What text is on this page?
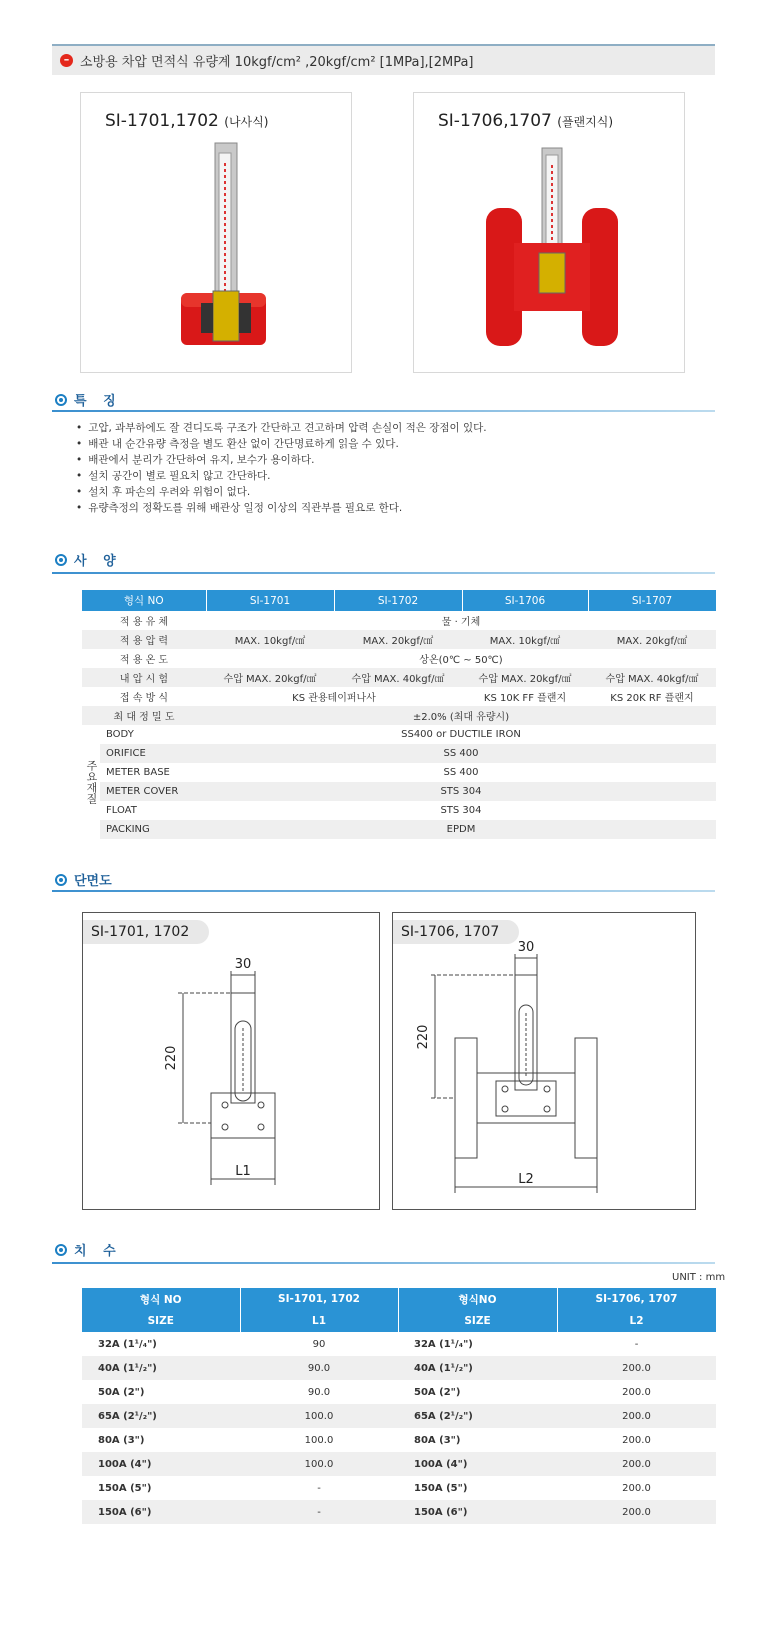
– 소방용 차압 면적식 유량계 10kgf/cm² ,20kgf/cm² [1MPa],[2MPa]
SI-1701,1702 (나사식)	SI-1706,1707 (플랜지식)
특 징
• 고압, 과부하에도 잘 견디도록 구조가 간단하고 견고하며 압력 손실이 적은 장점이 있다.
• 배관 내 순간유량 측정을 별도 환산 없이 간단명료하게 읽을 수 있다.
• 배관에서 분리가 간단하여 유지, 보수가 용이하다.
• 설치 공간이 별로 필요치 않고 간단하다.
• 설치 후 파손의 우려와 위험이 없다.
• 유량측정의 정확도를 위해 배관상 일정 이상의 직관부를 필요로 한다.
사 양
형식 NO		SI-1701	SI-1702	SI-1706	SI-1707
적 용 유 체		물 · 기체			
적 용 압 력		MAX. 10kgf/㎠	MAX. 20kgf/㎠	MAX. 10kgf/㎠	MAX. 20kgf/㎠
적 용 온 도		상온(0℃ ~ 50℃)			
내 압 시 험		수압 MAX. 20kgf/㎠	수압 MAX. 40kgf/㎠	수압 MAX. 20kgf/㎠	수압 MAX. 40kgf/㎠
접 속 방 식		KS 관용테이퍼나사		KS 10K FF 플랜지	KS 20K RF 플랜지
최 대 정 밀 도		±2.0% (최대 유량시)			
주요재질	BODY	SS400 or DUCTILE IRON			
	ORIFICE	SS 400			
	METER BASE	SS 400			
	METER COVER	STS 304			
	FLOAT	STS 304			
	PACKING	EPDM			
단면도
SI-1701, 1702
30
220
L1
SI-1706, 1707
30
220
L2
치 수
UNIT : mm
형식 NO	SI-1701, 1702	형식NO	SI-1706, 1707
SIZE	L1	SIZE	L2
32A (1¹/₄")	90	32A (1¹/₄")	-
40A (1¹/₂")	90.0	40A (1¹/₂")	200.0
50A (2")	90.0	50A (2")	200.0
65A (2¹/₂")	100.0	65A (2¹/₂")	200.0
80A (3")	100.0	80A (3")	200.0
100A (4")	100.0	100A (4")	200.0
150A (5")	-	150A (5")	200.0
150A (6")	-	150A (6")	200.0
